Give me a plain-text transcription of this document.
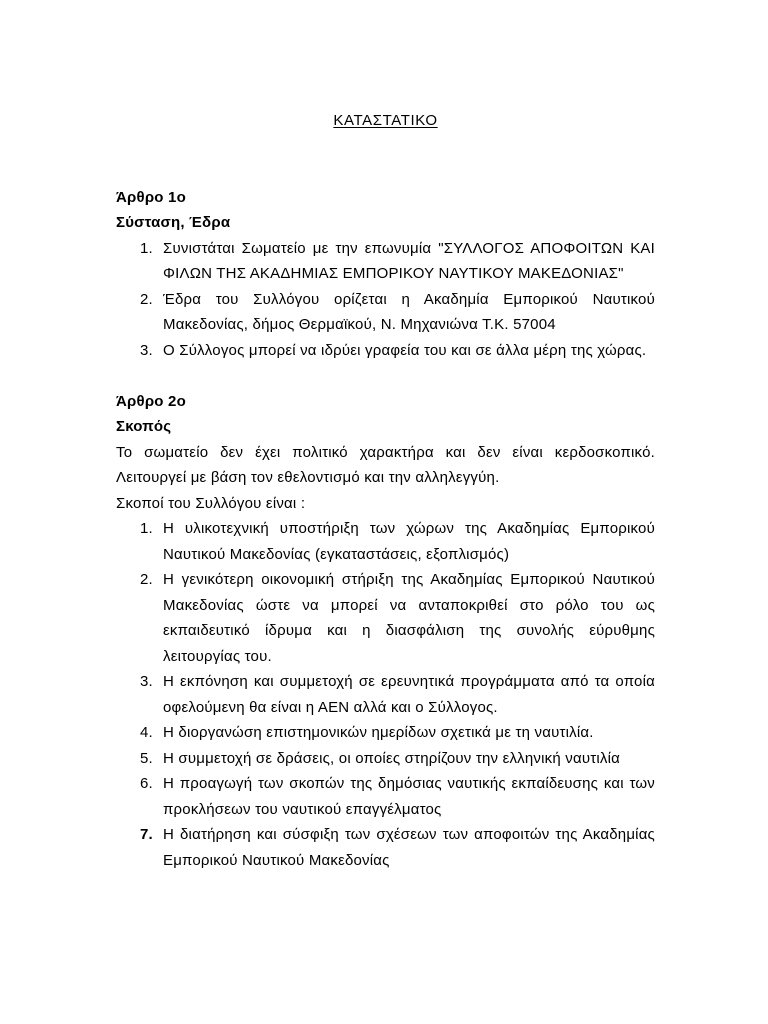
ΚΑΤΑΣΤΑΤΙΚΟ
Άρθρο 1ο
Σύσταση, Έδρα
1. Συνιστάται Σωματείο με την επωνυμία "ΣΥΛΛΟΓΟΣ ΑΠΟΦΟΙΤΩΝ ΚΑΙ
ΦΙΛΩΝ ΤΗΣ ΑΚΑΔΗΜΙΑΣ ΕΜΠΟΡΙΚΟΥ ΝΑΥΤΙΚΟΥ ΜΑΚΕΔΟΝΙΑΣ"
2. Έδρα του Συλλόγου ορίζεται η Ακαδημία Εμπορικού Ναυτικού
Μακεδονίας, δήμος Θερμαϊκού, Ν. Μηχανιώνα Τ.Κ. 57004
3. Ο Σύλλογος μπορεί να ιδρύει γραφεία του και σε άλλα μέρη της χώρας.
Άρθρο 2ο
Σκοπός
Το σωματείο δεν έχει πολιτικό χαρακτήρα και δεν είναι κερδοσκοπικό.
Λειτουργεί με βάση τον εθελοντισμό και την αλληλεγγύη.
Σκοποί του Συλλόγου είναι :
1. Η υλικοτεχνική υποστήριξη των χώρων της Ακαδημίας Εμπορικού
Ναυτικού Μακεδονίας (εγκαταστάσεις, εξοπλισμός)
2. Η γενικότερη οικονομική στήριξη της Ακαδημίας Εμπορικού Ναυτικού
Μακεδονίας ώστε να μπορεί να ανταποκριθεί στο ρόλο του ως
εκπαιδευτικό ίδρυμα και η διασφάλιση της συνολής εύρυθμης
λειτουργίας του.
3. Η εκπόνηση και συμμετοχή σε ερευνητικά προγράμματα από τα οποία
οφελούμενη θα είναι η ΑΕΝ αλλά και ο Σύλλογος.
4. Η διοργανώση επιστημονικών ημερίδων σχετικά με τη ναυτιλία.
5. Η συμμετοχή σε δράσεις, οι οποίες στηρίζουν την ελληνική ναυτιλία
6. Η προαγωγή των σκοπών της δημόσιας ναυτικής εκπαίδευσης και των
προκλήσεων του ναυτικού επαγγέλματος
7. Η διατήρηση και σύσφιξη των σχέσεων των αποφοιτών της Ακαδημίας
Εμπορικού Ναυτικού Μακεδονίας
